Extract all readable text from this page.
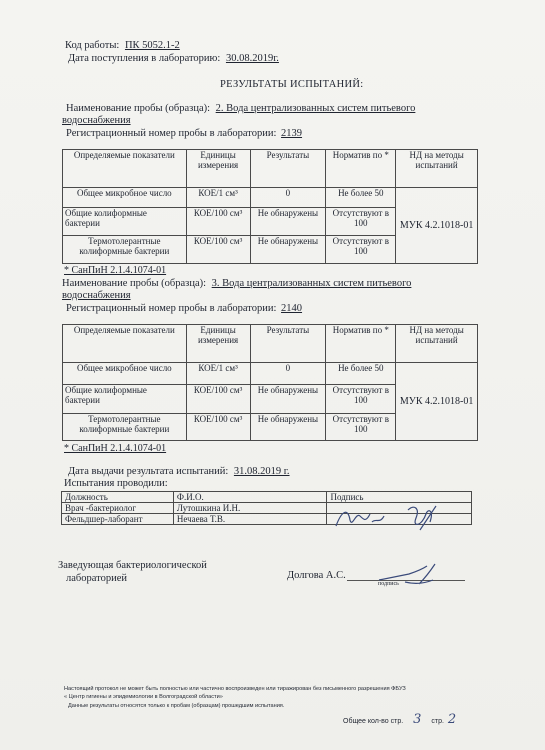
Код работы: ПК 5052.1-2
Дата поступления в лабораторию: 30.08.2019г.
РЕЗУЛЬТАТЫ ИСПЫТАНИЙ:
Наименование пробы (образца): 2. Вода централизованных систем питьевого
водоснабжения
Регистрационный номер пробы в лаборатории: 2139
Определяемые показатели	Единицы измерения	Результаты	Норматив по *	НД на методы испытаний
Общее микробное число	КОЕ/1 см³	0	Не более 50	МУК 4.2.1018-01
Общие колиформные бактерии	КОЕ/100 см³	Не обнаружены	Отсутствуют в 100	
Термотолерантные колиформные бактерии	КОЕ/100 см³	Не обнаружены	Отсутствуют в 100	
* СанПиН 2.1.4.1074-01
Наименование пробы (образца): 3. Вода централизованных систем питьевого
водоснабжения
Регистрационный номер пробы в лаборатории: 2140
Определяемые показатели	Единицы измерения	Результаты	Норматив по *	НД на методы испытаний
Общее микробное число	КОЕ/1 см³	0	Не более 50	МУК 4.2.1018-01
Общие колиформные бактерии	КОЕ/100 см³	Не обнаружены	Отсутствуют в 100	
Термотолерантные колиформные бактерии	КОЕ/100 см³	Не обнаружены	Отсутствуют в 100	
* СанПиН 2.1.4.1074-01
Дата выдачи результата испытаний: 31.08.2019 г.
Испытания проводили:
Должность	Ф.И.О.	Подпись
Врач -бактериолог	Лутошкина И.Н.	
Фельдшер-лаборант	Нечаева Т.В.	
Заведующая бактериологической
лабораторией	Долгова А.С.
подпись
Настоящий протокол не может быть полностью или частично воспроизведен или тиражирован без письменного разрешения ФБУЗ
« Центр гигиены и эпидемиологии в Волгоградской области»
Данные результаты относятся только к пробам (образцам) прошедшим испытания.
Общее кол-во стр. 3 стр. 2
